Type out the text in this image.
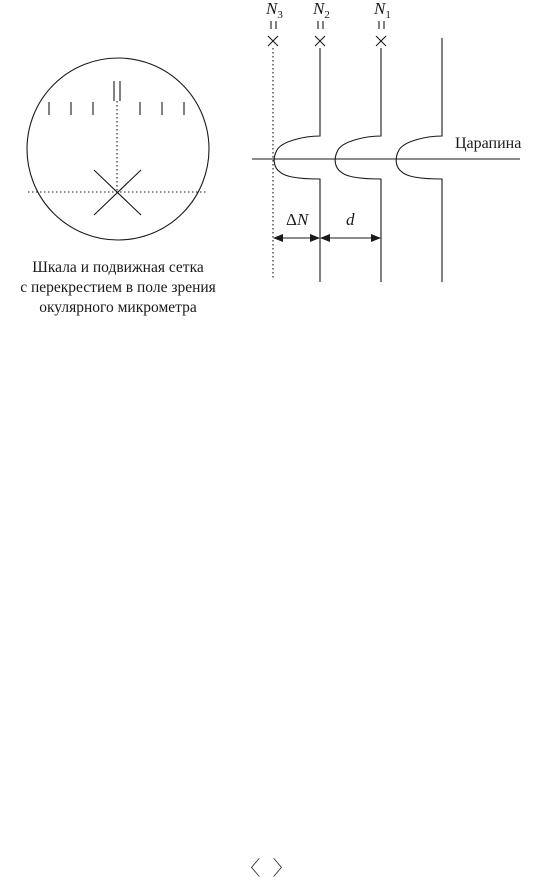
$N_3$ $N_2$	$N_1$
Царапина
ΔN d
Шкала и подвижная сетка
с перекрестием в поле зрения
окулярного микрометра
〈 〉
